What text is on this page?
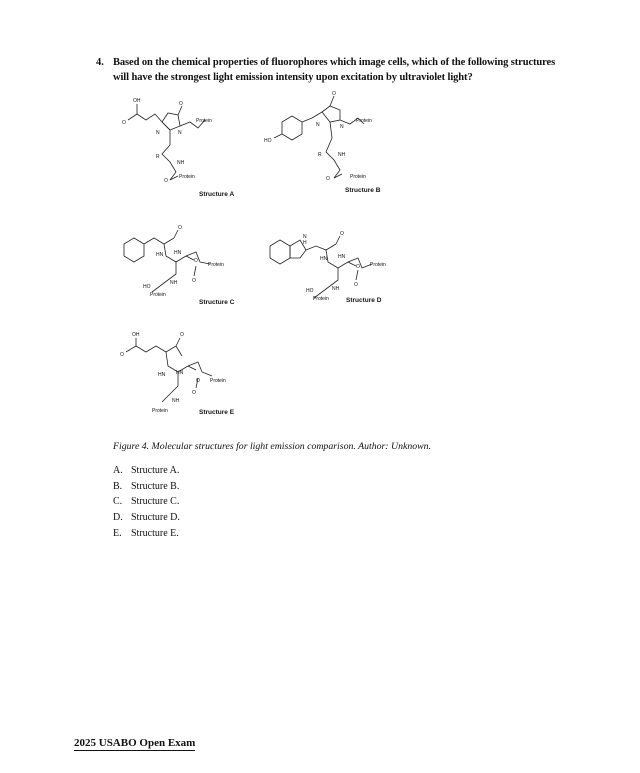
4. Based on the chemical properties of fluorophores which image cells, which of the following structures will have the strongest light emission intensity upon excitation by ultraviolet light?
OH
O
O
Protein
N	N
R
NH
O
Protein
Structure A
HO
O
Protein
N	N
R	NH
O	Protein
Structure B
O
HN HN
O
Protein
HO
NH
Protein
O
Structure C
N
H
O
HN HN
O Protein
HO	NH
Protein
O
Structure D
OH
O
O
HN HN
O Protein
NH
Protein
O
Structure E
Figure 4. Molecular structures for light emission comparison. Author: Unknown.
A. Structure A.
B. Structure B.
C. Structure C.
D. Structure D.
E. Structure E.
2025 USABO Open Exam
